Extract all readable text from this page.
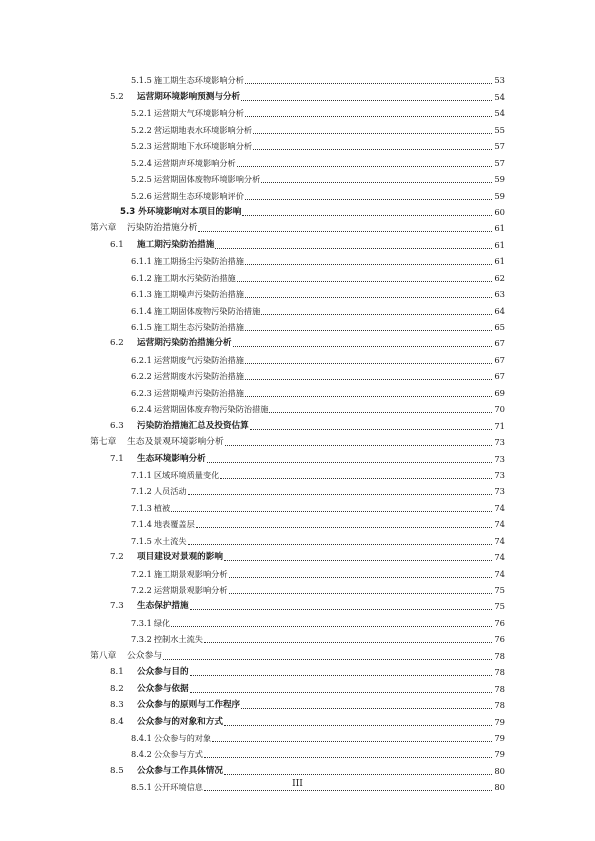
5.1.5 施工期生态环境影响分析	53
5.2 运营期环境影响预测与分析	54
5.2.1 运营期大气环境影响分析	54
5.2.2 营运期地表水环境影响分析	55
5.2.3 运营期地下水环境影响分析	57
5.2.4 运营期声环境影响分析	57
5.2.5 运营期固体废物环境影响分析	59
5.2.6 运营期生态环境影响评价	59
5.3 外环境影响对本项目的影响	60
第六章 污染防治措施分析	61
6.1 施工期污染防治措施	61
6.1.1 施工期扬尘污染防治措施	61
6.1.2 施工期水污染防治措施	62
6.1.3 施工期噪声污染防治措施	63
6.1.4 施工期固体废物污染防治措施	64
6.1.5 施工期生态污染防治措施	65
6.2 运营期污染防治措施分析	67
6.2.1 运营期废气污染防治措施	67
6.2.2 运营期废水污染防治措施	67
6.2.3 运营期噪声污染防治措施	69
6.2.4 运营期固体废弃物污染防治措施	70
6.3 污染防治措施汇总及投资估算	71
第七章 生态及景观环境影响分析	73
7.1 生态环境影响分析	73
7.1.1 区域环境质量变化	73
7.1.2 人员活动	73
7.1.3 植被	74
7.1.4 地表覆盖层	74
7.1.5 水土流失	74
7.2 项目建设对景观的影响	74
7.2.1 施工期景观影响分析	74
7.2.2 运营期景观影响分析	75
7.3 生态保护措施	75
7.3.1 绿化	76
7.3.2 控制水土流失	76
第八章 公众参与	78
8.1 公众参与目的	78
8.2 公众参与依据	78
8.3 公众参与的原则与工作程序	78
8.4 公众参与的对象和方式	79
8.4.1 公众参与的对象	79
8.4.2 公众参与方式	79
8.5 公众参与工作具体情况	80
8.5.1 公开环境信息	80
III
